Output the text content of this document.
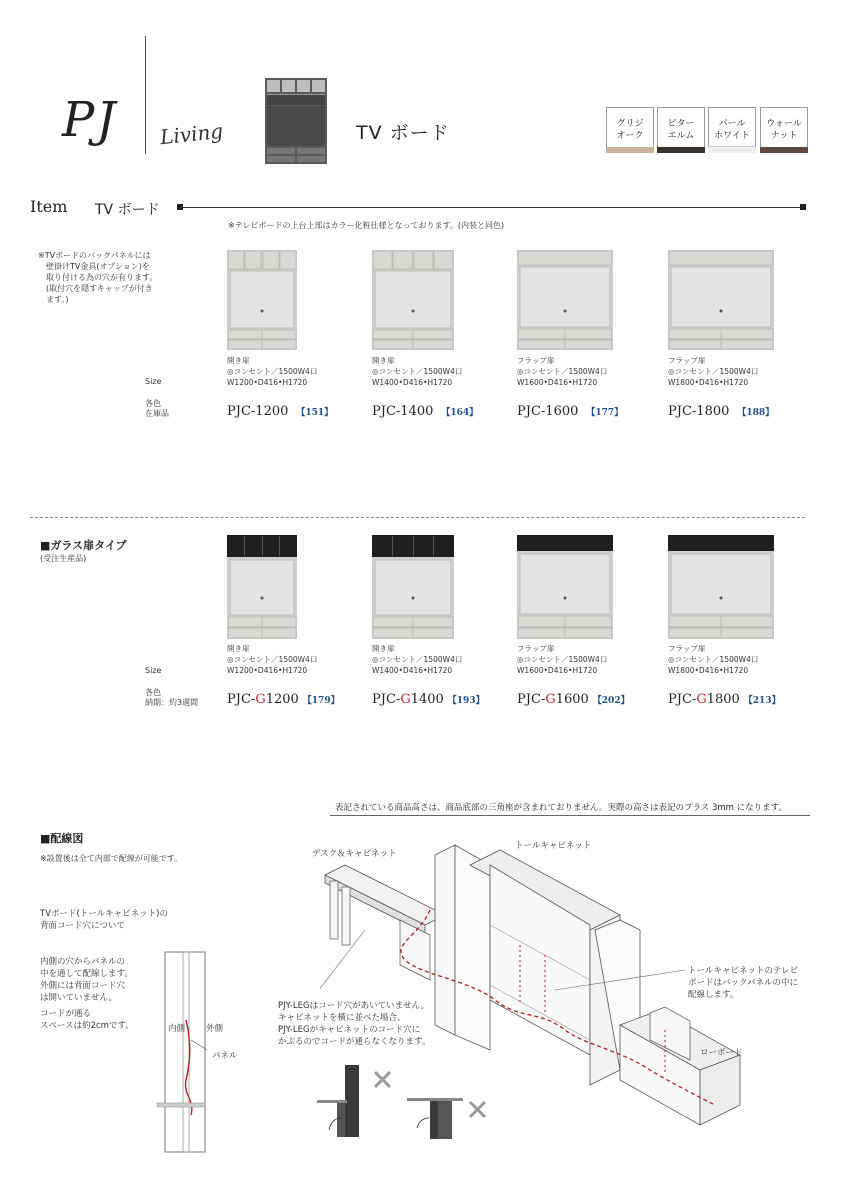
PJ Living	TV ボード	グリジ
オーク
ビター
エルム
パール
ホワイト
ウォール
ナット
Item TV ボード
※テレビボードの上台上部はカラー化粧仕様となっております。(内装と同色)
※TVボードのバックパネルには
壁掛けTV金具(オプション)を
取り付ける為の穴が有ります。
(取付穴を隠すキャップが付き
ます。)
開き扉
◎コンセント／1500W4口
W1200•D416•H1720
開き扉
◎コンセント／1500W4口
W1400•D416•H1720
フラップ扉
◎コンセント／1500W4口
W1600•D416•H1720
フラップ扉
◎コンセント／1500W4口
W1800•D416•H1720
Size
各色
在庫品	PJC-1200 【151】	PJC-1400 【164】	PJC-1600 【177】	PJC-1800 【188】
■ガラス扉タイプ
(受注生産品)
開き扉
◎コンセント／1500W4口
W1200•D416•H1720
開き扉
◎コンセント／1500W4口
W1400•D416•H1720
フラップ扉
◎コンセント／1500W4口
W1600•D416•H1720
フラップ扉
◎コンセント／1500W4口
W1800•D416•H1720
Size
各色
納期：約3週間 PJC-G1200 【179】 PJC-G1400 【193】 PJC-G1600 【202】	PJC-G1800 【213】
表記されている商品高さは、商品底部の三角座が含まれておりません。実際の高さは表記のプラス 3mm になります。
■配線図
※設置後は全て内部で配線が可能です。
TVボード(トールキャビネット)の
背面コード穴について
内側の穴からパネルの
中を通して配線します。
外側には背面コード穴
は開いていません。
コードが通る
スペースは約2cmです。	内側 外側
パネル
デスク＆キャビネット
トールキャビネット
トールキャビネットのテレビ
ボードはバックパネルの中に
配線します。
ローボード
PJY-LEGはコード穴があいていません。
キャビネットを横に並べた場合、
PJY-LEGがキャビネットのコード穴に
かぶるのでコードが通らなくなります。
